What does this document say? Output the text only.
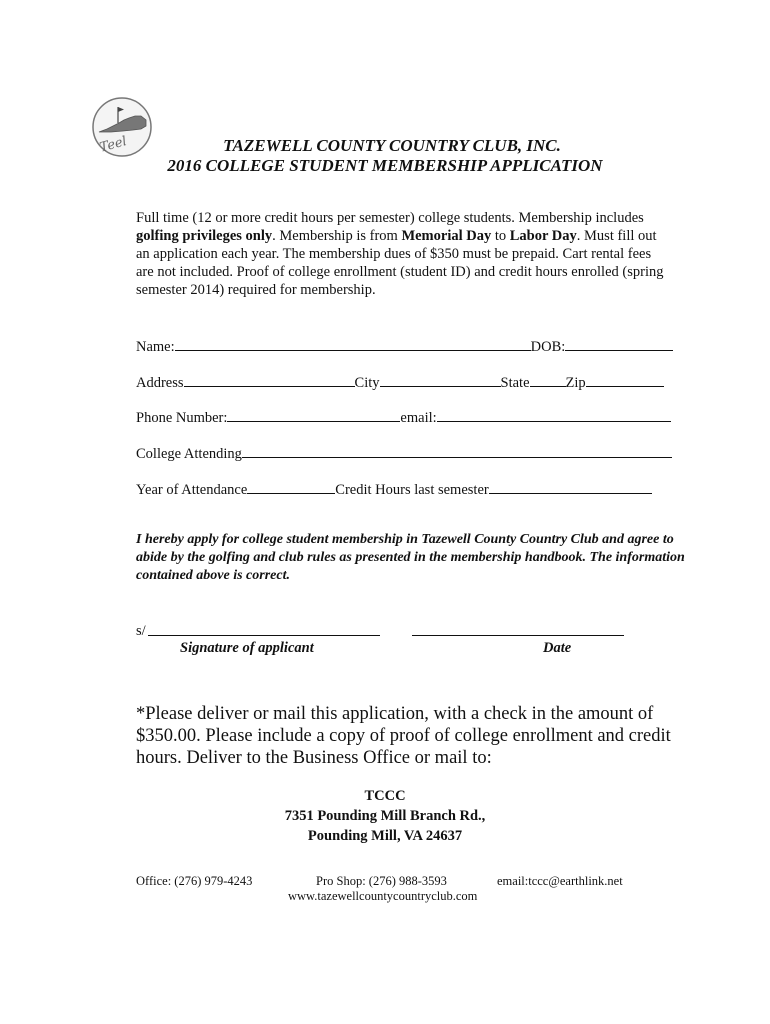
Teel	TAZEWELL COUNTY COUNTRY CLUB, INC.
2016 COLLEGE STUDENT MEMBERSHIP APPLICATION

Full time (12 or more credit hours per semester) college students. Membership includes golfing privileges only. Membership is from Memorial Day to Labor Day. Must fill out an application each year. The membership dues of $350 must be prepaid. Cart rental fees are not included. Proof of college enrollment (student ID) and credit hours enrolled (spring semester 2014) required for membership.

Name:	DOB:
Address	City	State Zip
Phone Number:	email:
College Attending
Year of Attendance	Credit Hours last semester

I hereby apply for college student membership in Tazewell County Country Club and agree to abide by the golfing and club rules as presented in the membership handbook. The information contained above is correct.

s/
Signature of applicant	Date

*Please deliver or mail this application, with a check in the amount of $350.00. Please include a copy of proof of college enrollment and credit hours. Deliver to the Business Office or mail to:

TCCC
7351 Pounding Mill Branch Rd.,
Pounding Mill, VA 24637
Office: (276) 979-4243	Pro Shop: (276) 988-3593	email:tccc@earthlink.net
www.tazewellcountycountryclub.com
